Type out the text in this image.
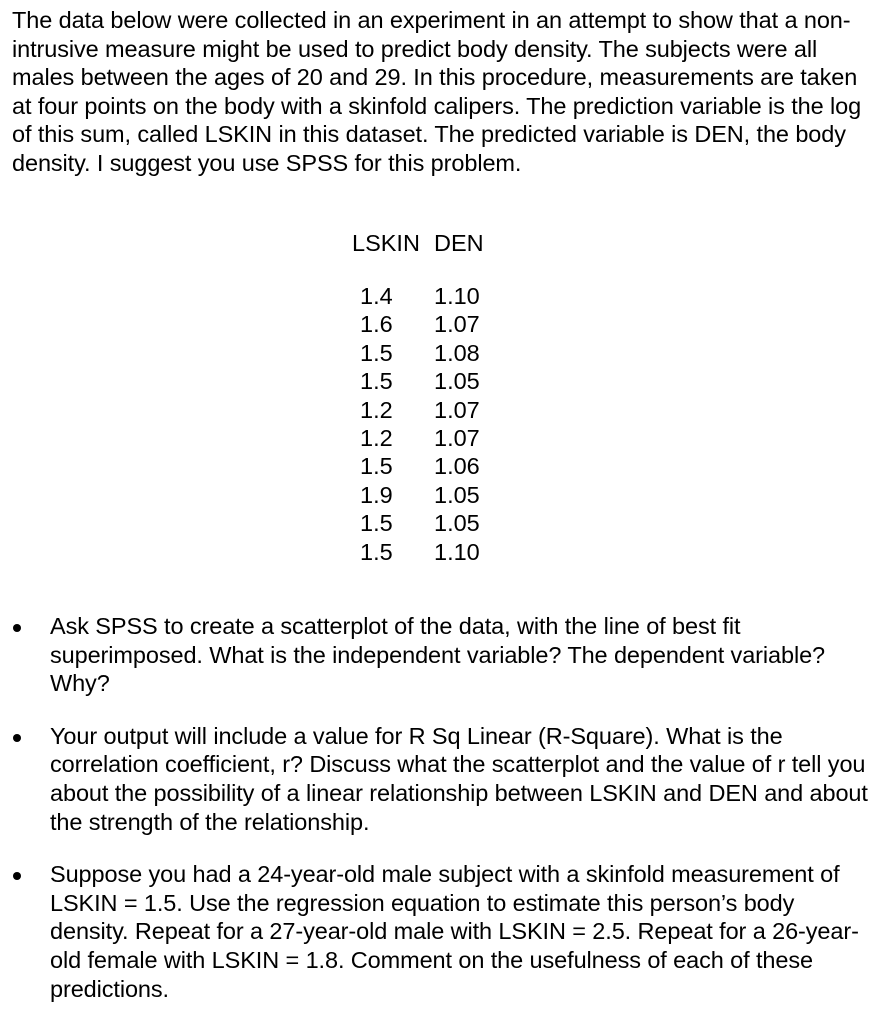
The data below were collected in an experiment in an attempt to show that a non-intrusive measure might be used to predict body density. The subjects were all males between the ages of 20 and 29. In this procedure, measurements are taken at four points on the body with a skinfold calipers. The prediction variable is the log of this sum, called LSKIN in this dataset. The predicted variable is DEN, the body density. I suggest you use SPSS for this problem.

LSKIN DEN
1.4 1.10
1.6 1.07
1.5 1.08
1.5 1.05
1.2 1.07
1.2 1.07
1.5 1.06
1.9 1.05
1.5 1.05
1.5 1.10
Ask SPSS to create a scatterplot of the data, with the line of best fit superimposed. What is the independent variable? The dependent variable? Why?
Your output will include a value for R Sq Linear (R-Square). What is the correlation coefficient, r? Discuss what the scatterplot and the value of r tell you about the possibility of a linear relationship between LSKIN and DEN and about the strength of the relationship.
Suppose you had a 24-year-old male subject with a skinfold measurement of LSKIN = 1.5. Use the regression equation to estimate this person’s body density. Repeat for a 27-year-old male with LSKIN = 2.5. Repeat for a 26-year-old female with LSKIN = 1.8. Comment on the usefulness of each of these predictions.
